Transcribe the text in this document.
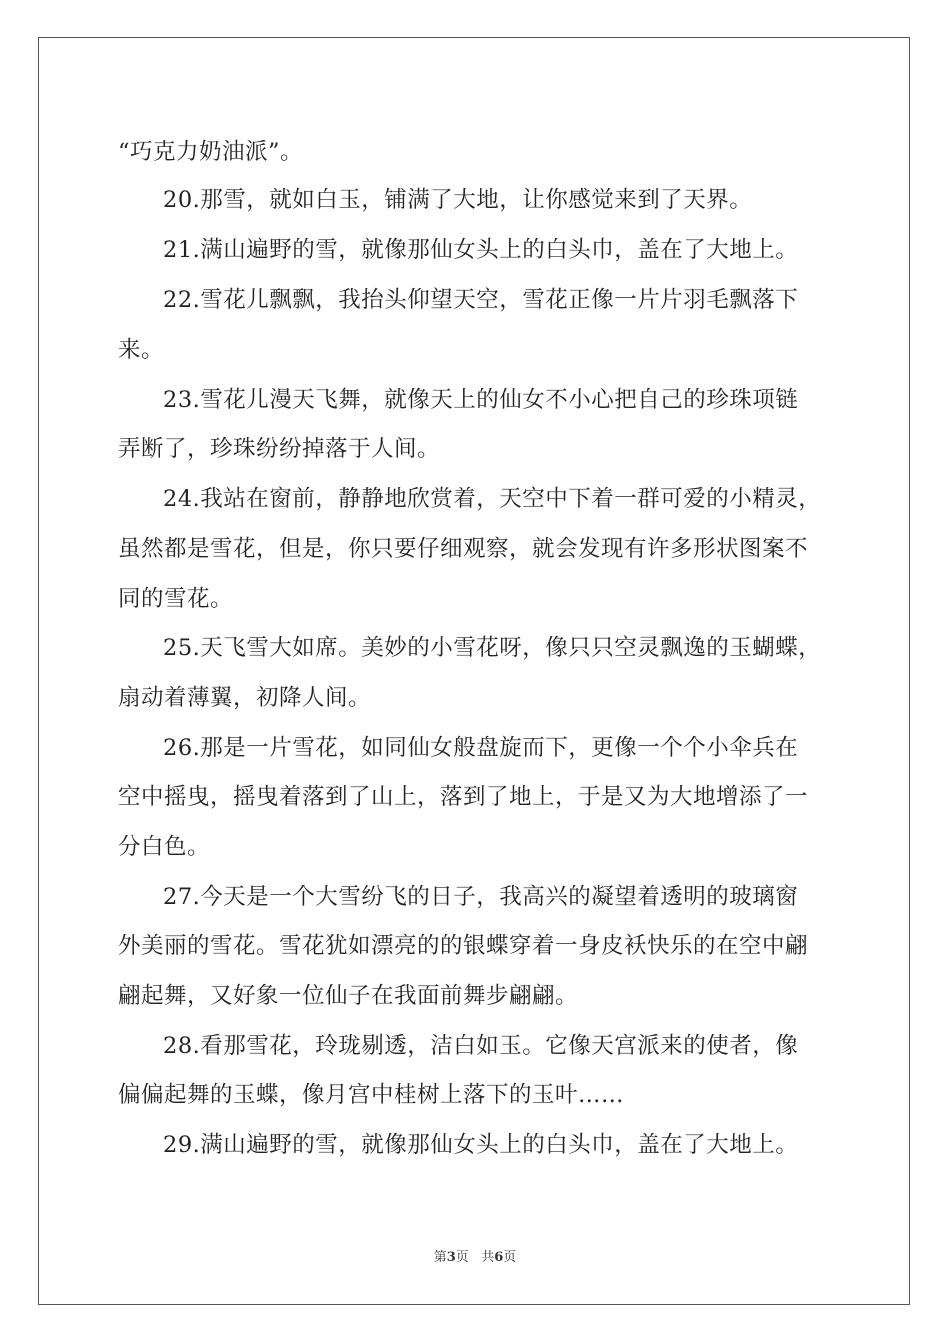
“巧克力奶油派”。
20.那雪，就如白玉，铺满了大地，让你感觉来到了天界。
21.满山遍野的雪，就像那仙女头上的白头巾，盖在了大地上。
22.雪花儿飘飘，我抬头仰望天空，雪花正像一片片羽毛飘落下
来。
23.雪花儿漫天飞舞，就像天上的仙女不小心把自己的珍珠项链
弄断了，珍珠纷纷掉落于人间。
24.我站在窗前，静静地欣赏着，天空中下着一群可爱的小精灵，
虽然都是雪花，但是，你只要仔细观察，就会发现有许多形状图案不
同的雪花。
25.天飞雪大如席。美妙的小雪花呀，像只只空灵飘逸的玉蝴蝶，
扇动着薄翼，初降人间。
26.那是一片雪花，如同仙女般盘旋而下，更像一个个小伞兵在
空中摇曳，摇曳着落到了山上，落到了地上，于是又为大地增添了一
分白色。
27.今天是一个大雪纷飞的日子，我高兴的凝望着透明的玻璃窗
外美丽的雪花。雪花犹如漂亮的的银蝶穿着一身皮袄快乐的在空中翩
翩起舞，又好象一位仙子在我面前舞步翩翩。
28.看那雪花，玲珑剔透，洁白如玉。它像天宫派来的使者，像
偏偏起舞的玉蝶，像月宫中桂树上落下的玉叶……
29.满山遍野的雪，就像那仙女头上的白头巾，盖在了大地上。
第3页 共6页
